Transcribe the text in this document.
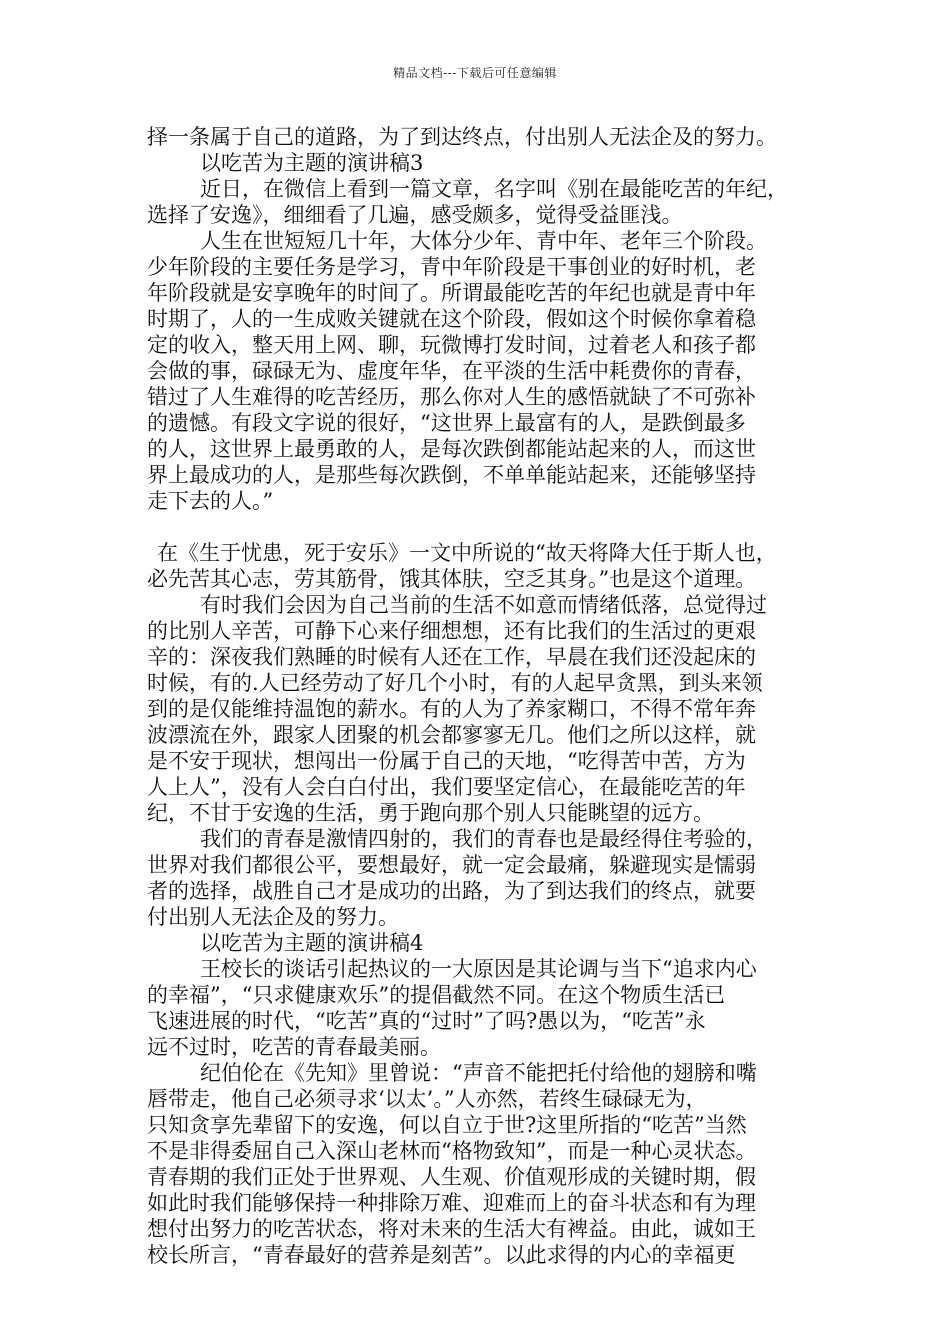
精品文档---下载后可任意编辑
择一条属于自己的道路，为了到达终点，付出别人无法企及的努力。
以吃苦为主题的演讲稿3
近日，在微信上看到一篇文章，名字叫《别在最能吃苦的年纪，
选择了安逸》，细细看了几遍，感受颇多，觉得受益匪浅。
人生在世短短几十年，大体分少年、青中年、老年三个阶段。
少年阶段的主要任务是学习，青中年阶段是干事创业的好时机，老
年阶段就是安享晚年的时间了。所谓最能吃苦的年纪也就是青中年
时期了，人的一生成败关键就在这个阶段，假如这个时候你拿着稳
定的收入，整天用上网、聊，玩微博打发时间，过着老人和孩子都
会做的事，碌碌无为、虚度年华，在平淡的生活中耗费你的青春，
错过了人生难得的吃苦经历，那么你对人生的感悟就缺了不可弥补
的遗憾。有段文字说的很好，“这世界上最富有的人，是跌倒最多
的人，这世界上最勇敢的人，是每次跌倒都能站起来的人，而这世
界上最成功的人，是那些每次跌倒，不单单能站起来，还能够坚持
走下去的人。”
在《生于忧患，死于安乐》一文中所说的“故天将降大任于斯人也，
必先苦其心志，劳其筋骨，饿其体肤，空乏其身。”也是这个道理。
有时我们会因为自己当前的生活不如意而情绪低落，总觉得过
的比别人辛苦，可静下心来仔细想想，还有比我们的生活过的更艰
辛的：深夜我们熟睡的时候有人还在工作，早晨在我们还没起床的
时候，有的.人已经劳动了好几个小时，有的人起早贪黑，到头来领
到的是仅能维持温饱的薪水。有的人为了养家糊口，不得不常年奔
波漂流在外，跟家人团聚的机会都寥寥无几。他们之所以这样，就
是不安于现状，想闯出一份属于自己的天地，“吃得苦中苦，方为
人上人”，没有人会白白付出，我们要坚定信心，在最能吃苦的年
纪，不甘于安逸的生活，勇于跑向那个别人只能眺望的远方。
我们的青春是激情四射的，我们的青春也是最经得住考验的，
世界对我们都很公平，要想最好，就一定会最痛，躲避现实是懦弱
者的选择，战胜自己才是成功的出路，为了到达我们的终点，就要
付出别人无法企及的努力。
以吃苦为主题的演讲稿4
王校长的谈话引起热议的一大原因是其论调与当下“追求内心
的幸福”，“只求健康欢乐”的提倡截然不同。在这个物质生活已
飞速进展的时代，“吃苦”真的“过时”了吗?愚以为，“吃苦”永
远不过时，吃苦的青春最美丽。
纪伯伦在《先知》里曾说：“声音不能把托付给他的翅膀和嘴
唇带走，他自己必须寻求‘以太’。”人亦然，若终生碌碌无为，
只知贪享先辈留下的安逸，何以自立于世?这里所指的“吃苦”当然
不是非得委屈自己入深山老林而“格物致知”，而是一种心灵状态。
青春期的我们正处于世界观、人生观、价值观形成的关键时期，假
如此时我们能够保持一种排除万难、迎难而上的奋斗状态和有为理
想付出努力的吃苦状态，将对未来的生活大有裨益。由此，诚如王
校长所言，“青春最好的营养是刻苦”。以此求得的内心的幸福更
